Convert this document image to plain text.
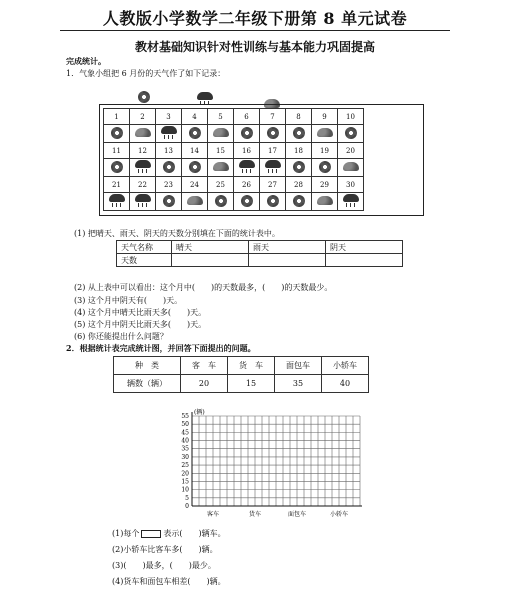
人教版小学数学二年级下册第 8 单元试卷
教材基础知识针对性训练与基本能力巩固提高
完成统计。
1．气象小组把 6 月份的天气作了如下记录：
1	2	3	4	5	6	7	8	9	10

11	12	13	14	15	16	17	18	19	20

21	22	23	24	25	26	27	28	29	30

(1) 把晴天、雨天、阴天的天数分别填在下面的统计表中。
天气名称	晴天	雨天	阴天
天数			
(2) 从上表中可以看出：这个月中(　　)的天数最多，(　　)的天数最少。
(3) 这个月中阴天有(　　)天。
(4) 这个月中晴天比雨天多(　　)天。
(5) 这个月中阴天比雨天多(　　)天。
(6) 你还能提出什么问题？
2．根据统计表完成统计图，并回答下面提出的问题。
种　类	客　车	货　车	面包车	小轿车
辆数（辆）	20	15	35	40
(辆)
0
5
10
15
20
25
30
35
40
45
50
55
客车	货车	面包车	小轿车
(1)每个	表示(　　)辆车。
(2)小轿车比客车多(　　)辆。
(3)(　　)最多，(　　)最少。
(4)货车和面包车相差(　　)辆。
